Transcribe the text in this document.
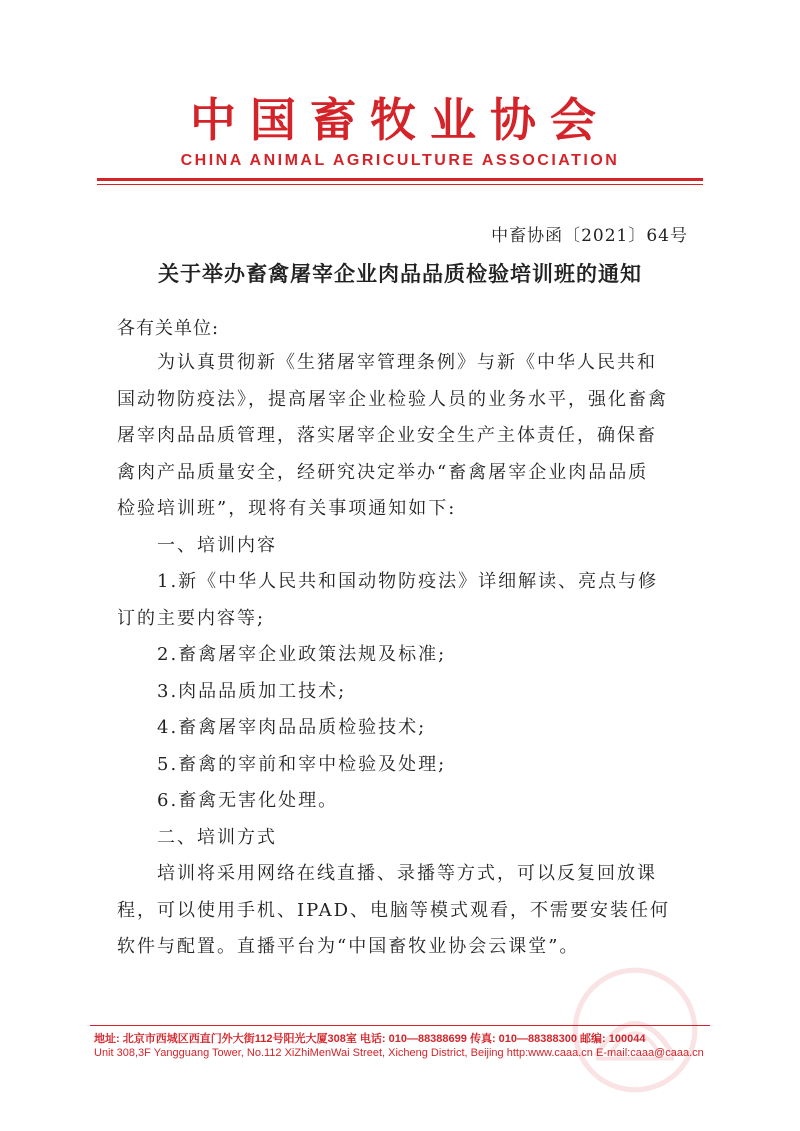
中国畜牧业协会
CHINA ANIMAL AGRICULTURE ASSOCIATION
中畜协函〔2021〕64号
关于举办畜禽屠宰企业肉品品质检验培训班的通知
各有关单位:
为认真贯彻新《生猪屠宰管理条例》与新《中华人民共和
国动物防疫法》，提高屠宰企业检验人员的业务水平，强化畜禽
屠宰肉品品质管理，落实屠宰企业安全生产主体责任，确保畜
禽肉产品质量安全，经研究决定举办“畜禽屠宰企业肉品品质
检验培训班”，现将有关事项通知如下:
一、培训内容
1.新《中华人民共和国动物防疫法》详细解读、亮点与修
订的主要内容等;
2.畜禽屠宰企业政策法规及标准;
3.肉品品质加工技术;
4.畜禽屠宰肉品品质检验技术;
5.畜禽的宰前和宰中检验及处理;
6.畜禽无害化处理。
二、培训方式
培训将采用网络在线直播、录播等方式，可以反复回放课
程，可以使用手机、IPAD、电脑等模式观看，不需要安装任何
软件与配置。直播平台为“中国畜牧业协会云课堂”。
地址: 北京市西城区西直门外大街112号阳光大厦308室 电话: 010—88388699 传真: 010—88388300 邮编: 100044
Unit 308,3F Yangguang Tower, No.112 XiZhiMenWai Street, Xicheng District, Beijing http:www.caaa.cn E-mail:caaa@caaa.cn
